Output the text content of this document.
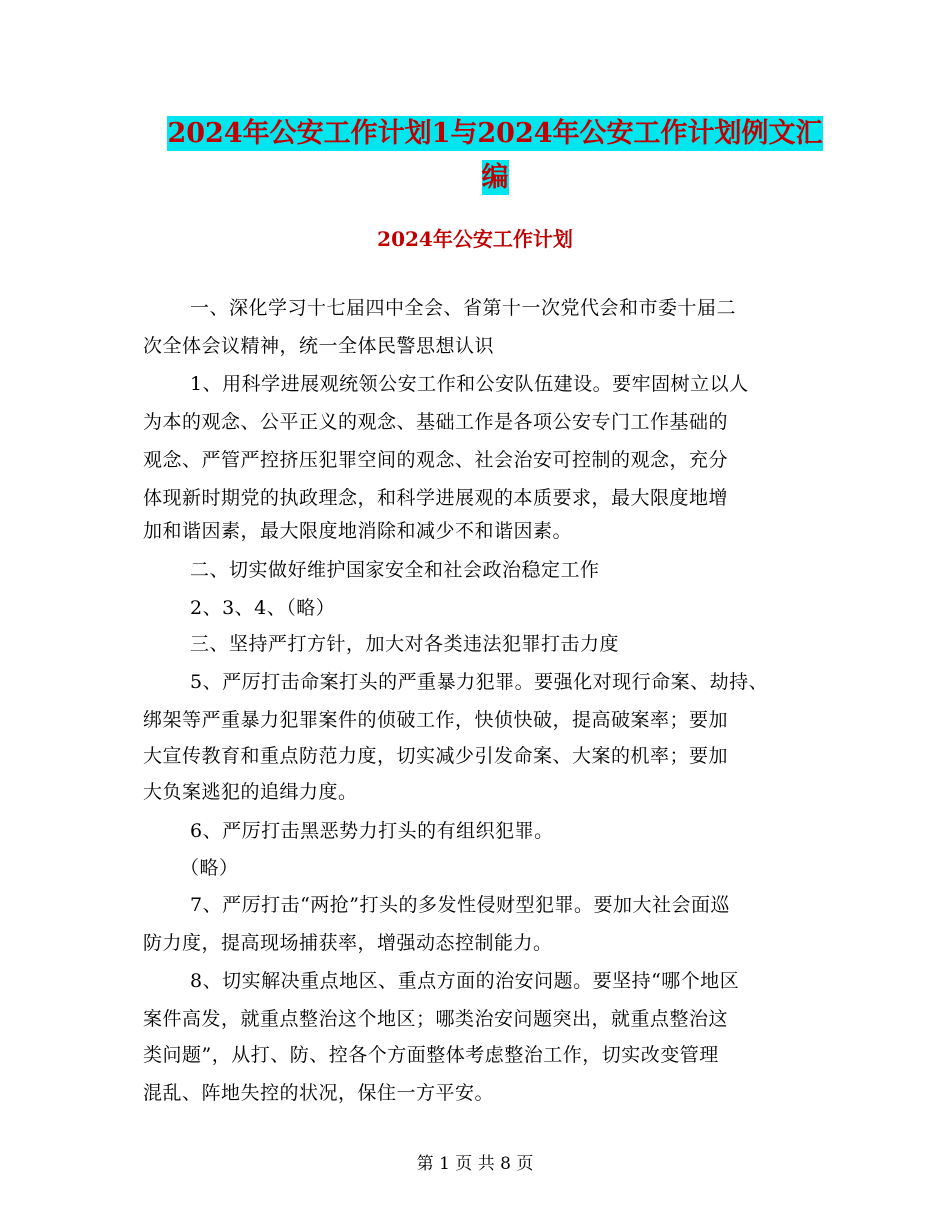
2024年公安工作计划1与2024年公安工作计划例文汇
编
2024年公安工作计划
一、深化学习十七届四中全会、省第十一次党代会和市委十届二
次全体会议精神，统一全体民警思想认识
1、用科学进展观统领公安工作和公安队伍建设。要牢固树立以人
为本的观念、公平正义的观念、基础工作是各项公安专门工作基础的
观念、严管严控挤压犯罪空间的观念、社会治安可控制的观念，充分
体现新时期党的执政理念，和科学进展观的本质要求，最大限度地增
加和谐因素，最大限度地消除和减少不和谐因素。
二、切实做好维护国家安全和社会政治稳定工作
2、3、4、（略）
三、坚持严打方针，加大对各类违法犯罪打击力度
5、严厉打击命案打头的严重暴力犯罪。要强化对现行命案、劫持、
绑架等严重暴力犯罪案件的侦破工作，快侦快破，提高破案率；要加
大宣传教育和重点防范力度，切实减少引发命案、大案的机率；要加
大负案逃犯的追缉力度。
6、严厉打击黑恶势力打头的有组织犯罪。
（略）
7、严厉打击“两抢”打头的多发性侵财型犯罪。要加大社会面巡
防力度，提高现场捕获率，增强动态控制能力。
8、切实解决重点地区、重点方面的治安问题。要坚持“哪个地区
案件高发，就重点整治这个地区；哪类治安问题突出，就重点整治这
类问题”，从打、防、控各个方面整体考虑整治工作，切实改变管理
混乱、阵地失控的状况，保住一方平安。
第 1 页 共 8 页
